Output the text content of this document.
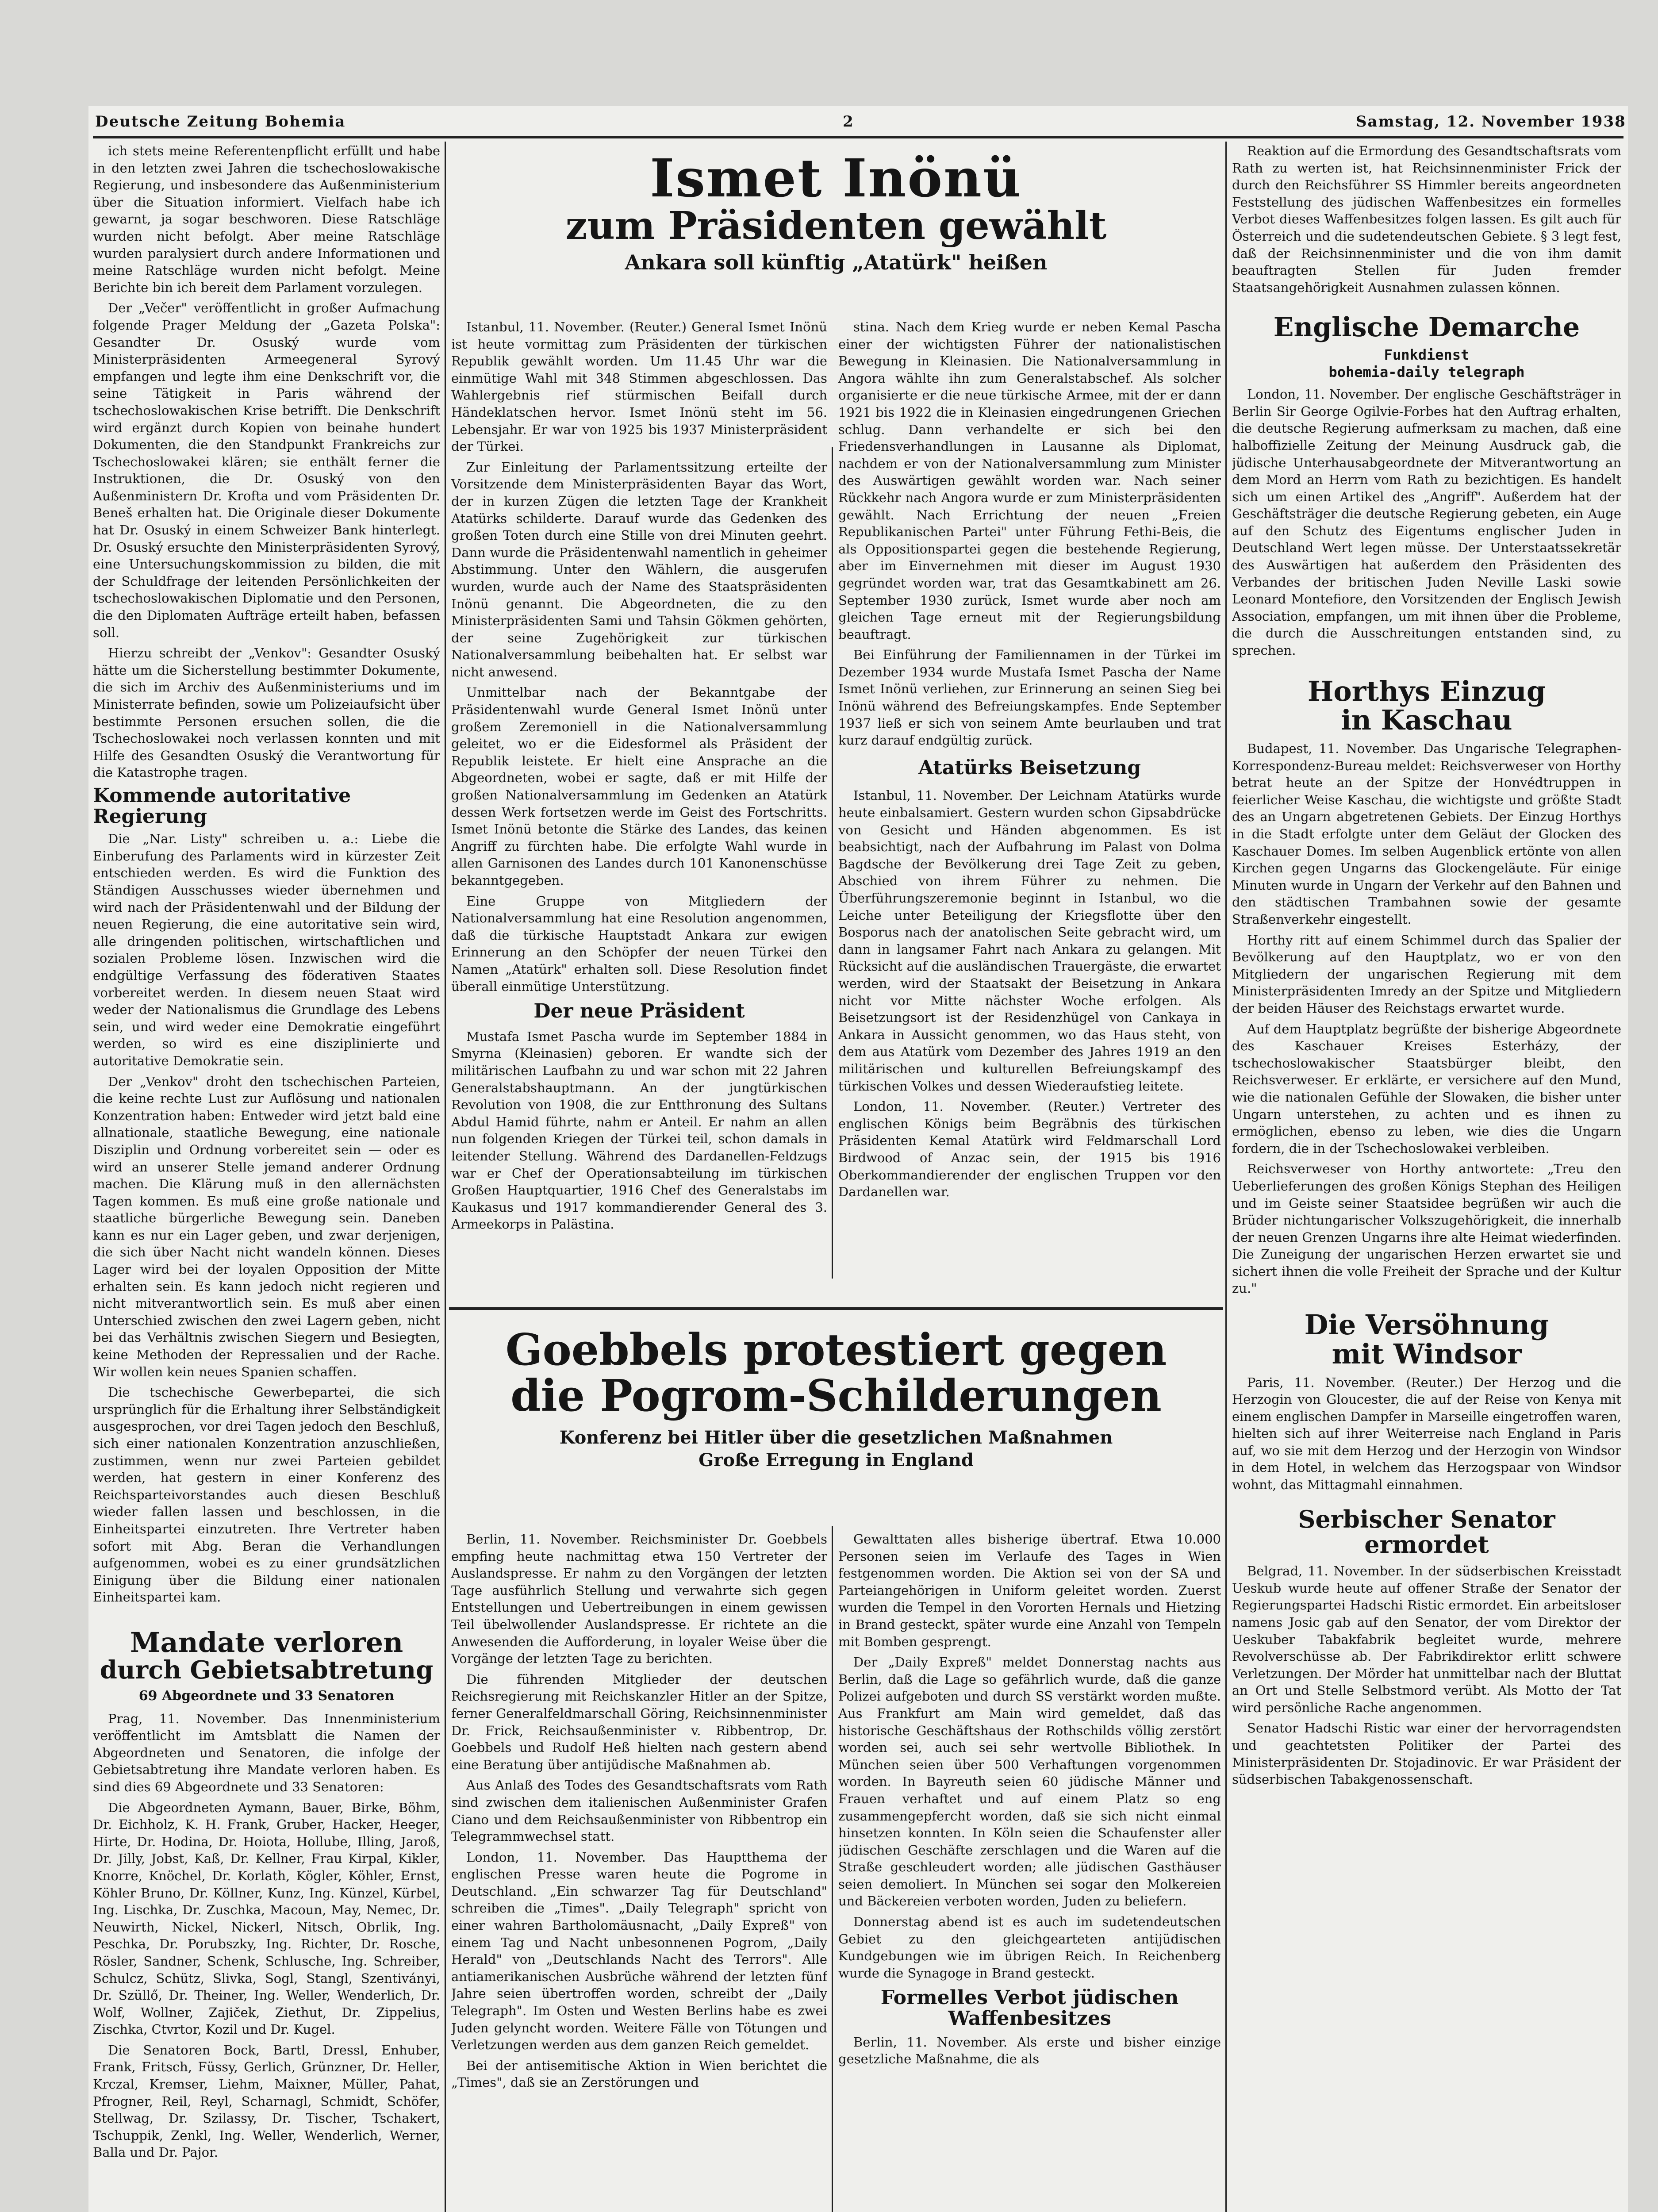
Deutsche Zeitung Bohemia	2	Samstag, 12. November 1938

ich stets meine Referentenpflicht erfüllt und habe in den letzten zwei Jahren die tschechoslowakische Regierung, und insbesondere das Außenministerium über die Situation informiert. Vielfach habe ich gewarnt, ja sogar beschworen. Diese Ratschläge wurden nicht befolgt. Aber meine Ratschläge wurden paralysiert durch andere Informationen und meine Ratschläge wurden nicht befolgt. Meine Berichte bin ich bereit dem Parlament vorzulegen.

Der „Večer" veröffentlicht in großer Aufmachung folgende Prager Meldung der „Gazeta Polska": Gesandter Dr. Osuský wurde vom Ministerpräsidenten Armeegeneral Syrový empfangen und legte ihm eine Denkschrift vor, die seine Tätigkeit in Paris während der tschechoslowakischen Krise betrifft. Die Denkschrift wird ergänzt durch Kopien von beinahe hundert Dokumenten, die den Standpunkt Frankreichs zur Tschechoslowakei klären; sie enthält ferner die Instruktionen, die Dr. Osuský von den Außenministern Dr. Krofta und vom Präsidenten Dr. Beneš erhalten hat. Die Originale dieser Dokumente hat Dr. Osuský in einem Schweizer Bank hinterlegt. Dr. Osuský ersuchte den Ministerpräsidenten Syrový, eine Untersuchungskommission zu bilden, die mit der Schuldfrage der leitenden Persönlichkeiten der tschechoslowakischen Diplomatie und den Personen, die den Diplomaten Aufträge erteilt haben, befassen soll.

Hierzu schreibt der „Venkov": Gesandter Osuský hätte um die Sicherstellung bestimmter Dokumente, die sich im Archiv des Außenministeriums und im Ministerrate befinden, sowie um Polizeiaufsicht über bestimmte Personen ersuchen sollen, die die Tschechoslowakei noch verlassen konnten und mit Hilfe des Gesandten Osuský die Verantwortung für die Katastrophe tragen.

Kommende autoritative Regierung

Die „Nar. Listy" schreiben u. a.: Liebe die Einberufung des Parlaments wird in kürzester Zeit entschieden werden. Es wird die Funktion des Ständigen Ausschusses wieder übernehmen und wird nach der Präsidentenwahl und der Bildung der neuen Regierung, die eine autoritative sein wird, alle dringenden politischen, wirtschaftlichen und sozialen Probleme lösen. Inzwischen wird die endgültige Verfassung des föderativen Staates vorbereitet werden. In diesem neuen Staat wird weder der Nationalismus die Grundlage des Lebens sein, und wird weder eine Demokratie eingeführt werden, so wird es eine disziplinierte und autoritative Demokratie sein.

Der „Venkov" droht den tschechischen Parteien, die keine rechte Lust zur Auflösung und nationalen Konzentration haben: Entweder wird jetzt bald eine allnationale, staatliche Bewegung, eine nationale Disziplin und Ordnung vorbereitet sein — oder es wird an unserer Stelle jemand anderer Ordnung machen. Die Klärung muß in den allernächsten Tagen kommen. Es muß eine große nationale und staatliche bürgerliche Bewegung sein. Daneben kann es nur ein Lager geben, und zwar derjenigen, die sich über Nacht nicht wandeln können. Dieses Lager wird bei der loyalen Opposition der Mitte erhalten sein. Es kann jedoch nicht regieren und nicht mitverantwortlich sein. Es muß aber einen Unterschied zwischen den zwei Lagern geben, nicht bei das Verhältnis zwischen Siegern und Besiegten, keine Methoden der Repressalien und der Rache. Wir wollen kein neues Spanien schaffen.

Die tschechische Gewerbepartei, die sich ursprünglich für die Erhaltung ihrer Selbständigkeit ausgesprochen, vor drei Tagen jedoch den Beschluß, sich einer nationalen Konzentration anzuschließen, zustimmen, wenn nur zwei Parteien gebildet werden, hat gestern in einer Konferenz des Reichsparteivorstandes auch diesen Beschluß wieder fallen lassen und beschlossen, in die Einheitspartei einzutreten. Ihre Vertreter haben sofort mit Abg. Beran die Verhandlungen aufgenommen, wobei es zu einer grundsätzlichen Einigung über die Bildung einer nationalen Einheitspartei kam.

Mandate verloren
durch Gebietsabtretung
69 Abgeordnete und 33 Senatoren

Prag, 11. November. Das Innenministerium veröffentlicht im Amtsblatt die Namen der Abgeordneten und Senatoren, die infolge der Gebietsabtretung ihre Mandate verloren haben. Es sind dies 69 Abgeordnete und 33 Senatoren:

Die Abgeordneten Aymann, Bauer, Birke, Böhm, Dr. Eichholz, K. H. Frank, Gruber, Hacker, Heeger, Hirte, Dr. Hodina, Dr. Hoiota, Hollube, Illing, Jaroß, Dr. Jilly, Jobst, Kaß, Dr. Kellner, Frau Kirpal, Kikler, Knorre, Knöchel, Dr. Korlath, Kögler, Köhler, Ernst, Köhler Bruno, Dr. Köllner, Kunz, Ing. Künzel, Kürbel, Ing. Lischka, Dr. Zuschka, Macoun, May, Nemec, Dr. Neuwirth, Nickel, Nickerl, Nitsch, Obrlik, Ing. Peschka, Dr. Porubszky, Ing. Richter, Dr. Rosche, Rösler, Sandner, Schenk, Schlusche, Ing. Schreiber, Schulcz, Schütz, Slivka, Sogl, Stangl, Szentiványi, Dr. Szüllő, Dr. Theiner, Ing. Weller, Wenderlich, Dr. Wolf, Wollner, Zajiček, Ziethut, Dr. Zippelius, Zischka, Ctvrtor, Kozil und Dr. Kugel.

Die Senatoren Bock, Bartl, Dressl, Enhuber, Frank, Fritsch, Füssy, Gerlich, Grünzner, Dr. Heller, Krczal, Kremser, Liehm, Maixner, Müller, Pahat, Pfrogner, Reil, Reyl, Scharnagl, Schmidt, Schöfer, Stellwag, Dr. Szilassy, Dr. Tischer, Tschakert, Tschuppik, Zenkl, Ing. Weller, Wenderlich, Werner, Balla und Dr. Pajor.

Ismet Inönü
zum Präsidenten gewählt
Ankara soll künftig „Atatürk" heißen

Istanbul, 11. November. (Reuter.) General Ismet Inönü ist heute vormittag zum Präsidenten der türkischen Republik gewählt worden. Um 11.45 Uhr war die einmütige Wahl mit 348 Stimmen abgeschlossen. Das Wahlergebnis rief stürmischen Beifall durch Händeklatschen hervor. Ismet Inönü steht im 56. Lebensjahr. Er war von 1925 bis 1937 Ministerpräsident der Türkei.

Zur Einleitung der Parlamentssitzung erteilte der Vorsitzende dem Ministerpräsidenten Bayar das Wort, der in kurzen Zügen die letzten Tage der Krankheit Atatürks schilderte. Darauf wurde das Gedenken des großen Toten durch eine Stille von drei Minuten geehrt. Dann wurde die Präsidentenwahl namentlich in geheimer Abstimmung. Unter den Wählern, die ausgerufen wurden, wurde auch der Name des Staatspräsidenten Inönü genannt. Die Abgeordneten, die zu den Ministerpräsidenten Sami und Tahsin Gökmen gehörten, der seine Zugehörigkeit zur türkischen Nationalversammlung beibehalten hat. Er selbst war nicht anwesend.

Unmittelbar nach der Bekanntgabe der Präsidentenwahl wurde General Ismet Inönü unter großem Zeremoniell in die Nationalversammlung geleitet, wo er die Eidesformel als Präsident der Republik leistete. Er hielt eine Ansprache an die Abgeordneten, wobei er sagte, daß er mit Hilfe der großen Nationalversammlung im Gedenken an Atatürk dessen Werk fortsetzen werde im Geist des Fortschritts. Ismet Inönü betonte die Stärke des Landes, das keinen Angriff zu fürchten habe. Die erfolgte Wahl wurde in allen Garnisonen des Landes durch 101 Kanonenschüsse bekanntgegeben.

Eine Gruppe von Mitgliedern der Nationalversammlung hat eine Resolution angenommen, daß die türkische Hauptstadt Ankara zur ewigen Erinnerung an den Schöpfer der neuen Türkei den Namen „Atatürk" erhalten soll. Diese Resolution findet überall einmütige Unterstützung.

Der neue Präsident

Mustafa Ismet Pascha wurde im September 1884 in Smyrna (Kleinasien) geboren. Er wandte sich der militärischen Laufbahn zu und war schon mit 22 Jahren Generalstabshauptmann. An der jungtürkischen Revolution von 1908, die zur Entthronung des Sultans Abdul Hamid führte, nahm er Anteil. Er nahm an allen nun folgenden Kriegen der Türkei teil, schon damals in leitender Stellung. Während des Dardanellen-Feldzugs war er Chef der Operationsabteilung im türkischen Großen Hauptquartier, 1916 Chef des Generalstabs im Kaukasus und 1917 kommandierender General des 3. Armeekorps in Palästina.

stina. Nach dem Krieg wurde er neben Kemal Pascha einer der wichtigsten Führer der nationalistischen Bewegung in Kleinasien. Die Nationalversammlung in Angora wählte ihn zum Generalstabschef. Als solcher organisierte er die neue türkische Armee, mit der er dann 1921 bis 1922 die in Kleinasien eingedrungenen Griechen schlug. Dann verhandelte er sich bei den Friedensverhandlungen in Lausanne als Diplomat, nachdem er von der Nationalversammlung zum Minister des Auswärtigen gewählt worden war. Nach seiner Rückkehr nach Angora wurde er zum Ministerpräsidenten gewählt. Nach Errichtung der neuen „Freien Republikanischen Partei" unter Führung Fethi-Beis, die als Oppositionspartei gegen die bestehende Regierung, aber im Einvernehmen mit dieser im August 1930 gegründet worden war, trat das Gesamtkabinett am 26. September 1930 zurück, Ismet wurde aber noch am gleichen Tage erneut mit der Regierungsbildung beauftragt.

Bei Einführung der Familiennamen in der Türkei im Dezember 1934 wurde Mustafa Ismet Pascha der Name Ismet Inönü verliehen, zur Erinnerung an seinen Sieg bei Inönü während des Befreiungskampfes. Ende September 1937 ließ er sich von seinem Amte beurlauben und trat kurz darauf endgültig zurück.

Atatürks Beisetzung

Istanbul, 11. November. Der Leichnam Atatürks wurde heute einbalsamiert. Gestern wurden schon Gipsabdrücke von Gesicht und Händen abgenommen. Es ist beabsichtigt, nach der Aufbahrung im Palast von Dolma Bagdsche der Bevölkerung drei Tage Zeit zu geben, Abschied von ihrem Führer zu nehmen. Die Überführungszeremonie beginnt in Istanbul, wo die Leiche unter Beteiligung der Kriegsflotte über den Bosporus nach der anatolischen Seite gebracht wird, um dann in langsamer Fahrt nach Ankara zu gelangen. Mit Rücksicht auf die ausländischen Trauergäste, die erwartet werden, wird der Staatsakt der Beisetzung in Ankara nicht vor Mitte nächster Woche erfolgen. Als Beisetzungsort ist der Residenzhügel von Cankaya in Ankara in Aussicht genommen, wo das Haus steht, von dem aus Atatürk vom Dezember des Jahres 1919 an den militärischen und kulturellen Befreiungskampf des türkischen Volkes und dessen Wiederaufstieg leitete.

London, 11. November. (Reuter.) Vertreter des englischen Königs beim Begräbnis des türkischen Präsidenten Kemal Atatürk wird Feldmarschall Lord Birdwood of Anzac sein, der 1915 bis 1916 Oberkommandierender der englischen Truppen vor den Dardanellen war.

Goebbels protestiert gegen
die Pogrom-Schilderungen
Konferenz bei Hitler über die gesetzlichen Maßnahmen
Große Erregung in England

Berlin, 11. November. Reichsminister Dr. Goebbels empfing heute nachmittag etwa 150 Vertreter der Auslandspresse. Er nahm zu den Vorgängen der letzten Tage ausführlich Stellung und verwahrte sich gegen Entstellungen und Uebertreibungen in einem gewissen Teil übelwollender Auslandspresse. Er richtete an die Anwesenden die Aufforderung, in loyaler Weise über die Vorgänge der letzten Tage zu berichten.

Die führenden Mitglieder der deutschen Reichsregierung mit Reichskanzler Hitler an der Spitze, ferner Generalfeldmarschall Göring, Reichsinnenminister Dr. Frick, Reichsaußenminister v. Ribbentrop, Dr. Goebbels und Rudolf Heß hielten nach gestern abend eine Beratung über antijüdische Maßnahmen ab.

Aus Anlaß des Todes des Gesandtschaftsrats vom Rath sind zwischen dem italienischen Außenminister Grafen Ciano und dem Reichsaußenminister von Ribbentrop ein Telegrammwechsel statt.

London, 11. November. Das Hauptthema der englischen Presse waren heute die Pogrome in Deutschland. „Ein schwarzer Tag für Deutschland" schreiben die „Times". „Daily Telegraph" spricht von einer wahren Bartholomäusnacht, „Daily Expreß" von einem Tag und Nacht unbesonnenen Pogrom, „Daily Herald" von „Deutschlands Nacht des Terrors". Alle antiamerikanischen Ausbrüche während der letzten fünf Jahre seien übertroffen worden, schreibt der „Daily Telegraph". Im Osten und Westen Berlins habe es zwei Juden gelyncht worden. Weitere Fälle von Tötungen und Verletzungen werden aus dem ganzen Reich gemeldet.

Bei der antisemitische Aktion in Wien berichtet die „Times", daß sie an Zerstörungen und

Gewalttaten alles bisherige übertraf. Etwa 10.000 Personen seien im Verlaufe des Tages in Wien festgenommen worden. Die Aktion sei von der SA und Parteiangehörigen in Uniform geleitet worden. Zuerst wurden die Tempel in den Vororten Hernals und Hietzing in Brand gesteckt, später wurde eine Anzahl von Tempeln mit Bomben gesprengt.

Der „Daily Expreß" meldet Donnerstag nachts aus Berlin, daß die Lage so gefährlich wurde, daß die ganze Polizei aufgeboten und durch SS verstärkt worden mußte. Aus Frankfurt am Main wird gemeldet, daß das historische Geschäftshaus der Rothschilds völlig zerstört worden sei, auch sei sehr wertvolle Bibliothek. In München seien über 500 Verhaftungen vorgenommen worden. In Bayreuth seien 60 jüdische Männer und Frauen verhaftet und auf einem Platz so eng zusammengepfercht worden, daß sie sich nicht einmal hinsetzen konnten. In Köln seien die Schaufenster aller jüdischen Geschäfte zerschlagen und die Waren auf die Straße geschleudert worden; alle jüdischen Gasthäuser seien demoliert. In München sei sogar den Molkereien und Bäckereien verboten worden, Juden zu beliefern.

Donnerstag abend ist es auch im sudetendeutschen Gebiet zu den gleichgearteten antijüdischen Kundgebungen wie im übrigen Reich. In Reichenberg wurde die Synagoge in Brand gesteckt.

Formelles Verbot jüdischen
Waffenbesitzes

Berlin, 11. November. Als erste und bisher einzige gesetzliche Maßnahme, die als

Reaktion auf die Ermordung des Gesandtschaftsrats vom Rath zu werten ist, hat Reichsinnenminister Frick der durch den Reichsführer SS Himmler bereits angeordneten Feststellung des jüdischen Waffenbesitzes ein formelles Verbot dieses Waffenbesitzes folgen lassen. Es gilt auch für Österreich und die sudetendeutschen Gebiete. § 3 legt fest, daß der Reichsinnenminister und die von ihm damit beauftragten Stellen für Juden fremder Staatsangehörigkeit Ausnahmen zulassen können.

Englische Demarche
Funkdienst
bohemia-daily telegraph

London, 11. November. Der englische Geschäftsträger in Berlin Sir George Ogilvie-Forbes hat den Auftrag erhalten, die deutsche Regierung aufmerksam zu machen, daß eine halboffizielle Zeitung der Meinung Ausdruck gab, die jüdische Unterhausabgeordnete der Mitverantwortung an dem Mord an Herrn vom Rath zu bezichtigen. Es handelt sich um einen Artikel des „Angriff". Außerdem hat der Geschäftsträger die deutsche Regierung gebeten, ein Auge auf den Schutz des Eigentums englischer Juden in Deutschland Wert legen müsse. Der Unterstaatssekretär des Auswärtigen hat außerdem den Präsidenten des Verbandes der britischen Juden Neville Laski sowie Leonard Montefiore, den Vorsitzenden der Englisch Jewish Association, empfangen, um mit ihnen über die Probleme, die durch die Ausschreitungen entstanden sind, zu sprechen.

Horthys Einzug
in Kaschau

Budapest, 11. November. Das Ungarische Telegraphen-Korrespondenz-Bureau meldet: Reichsverweser von Horthy betrat heute an der Spitze der Honvédtruppen in feierlicher Weise Kaschau, die wichtigste und größte Stadt des an Ungarn abgetretenen Gebiets. Der Einzug Horthys in die Stadt erfolgte unter dem Geläut der Glocken des Kaschauer Domes. Im selben Augenblick ertönte von allen Kirchen gegen Ungarns das Glockengeläute. Für einige Minuten wurde in Ungarn der Verkehr auf den Bahnen und den städtischen Trambahnen sowie der gesamte Straßenverkehr eingestellt.

Horthy ritt auf einem Schimmel durch das Spalier der Bevölkerung auf den Hauptplatz, wo er von den Mitgliedern der ungarischen Regierung mit dem Ministerpräsidenten Imredy an der Spitze und Mitgliedern der beiden Häuser des Reichstags erwartet wurde.

Auf dem Hauptplatz begrüßte der bisherige Abgeordnete des Kaschauer Kreises Esterházy, der tschechoslowakischer Staatsbürger bleibt, den Reichsverweser. Er erklärte, er versichere auf den Mund, wie die nationalen Gefühle der Slowaken, die bisher unter Ungarn unterstehen, zu achten und es ihnen zu ermöglichen, ebenso zu leben, wie dies die Ungarn fordern, die in der Tschechoslowakei verbleiben.

Reichsverweser von Horthy antwortete: „Treu den Ueberlieferungen des großen Königs Stephan des Heiligen und im Geiste seiner Staatsidee begrüßen wir auch die Brüder nichtungarischer Volkszugehörigkeit, die innerhalb der neuen Grenzen Ungarns ihre alte Heimat wiederfinden. Die Zuneigung der ungarischen Herzen erwartet sie und sichert ihnen die volle Freiheit der Sprache und der Kultur zu."

Die Versöhnung
mit Windsor

Paris, 11. November. (Reuter.) Der Herzog und die Herzogin von Gloucester, die auf der Reise von Kenya mit einem englischen Dampfer in Marseille eingetroffen waren, hielten sich auf ihrer Weiterreise nach England in Paris auf, wo sie mit dem Herzog und der Herzogin von Windsor in dem Hotel, in welchem das Herzogspaar von Windsor wohnt, das Mittagmahl einnahmen.

Serbischer Senator
ermordet

Belgrad, 11. November. In der südserbischen Kreisstadt Ueskub wurde heute auf offener Straße der Senator der Regierungspartei Hadschi Ristic ermordet. Ein arbeitsloser namens Josic gab auf den Senator, der vom Direktor der Ueskuber Tabakfabrik begleitet wurde, mehrere Revolverschüsse ab. Der Fabrikdirektor erlitt schwere Verletzungen. Der Mörder hat unmittelbar nach der Bluttat an Ort und Stelle Selbstmord verübt. Als Motto der Tat wird persönliche Rache angenommen.

Senator Hadschi Ristic war einer der hervorragendsten und geachtetsten Politiker der Partei des Ministerpräsidenten Dr. Stojadinovic. Er war Präsident der südserbischen Tabakgenossenschaft.
